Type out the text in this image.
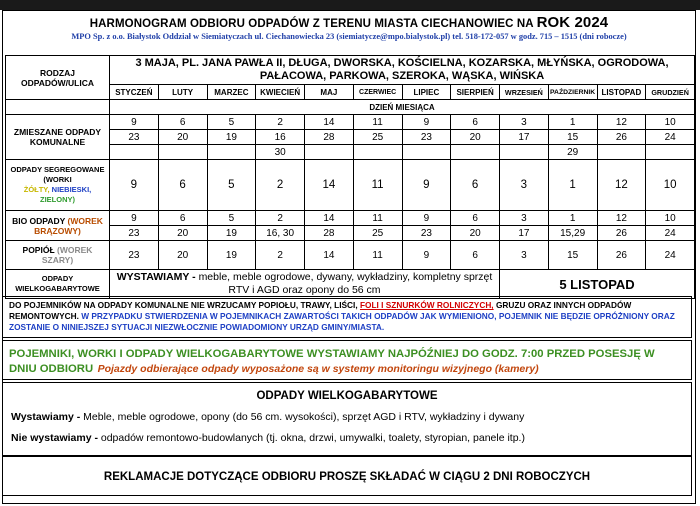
HARMONOGRAM ODBIORU ODPADÓW Z TERENU MIASTA CIECHANOWIEC NA ROK 2024
MPO Sp. z o.o. Białystok Oddział w Siemiatyczach ul. Ciechanowiecka 23 (siemiatycze@mpo.bialystok.pl) tel. 518-172-057 w godz. 715 – 1515 (dni robocze)
RODZAJ ODPADÓW/ULICA	3 MAJA, PL. JANA PAWŁA II, DŁUGA, DWORSKA, KOŚCIELNA, KOZARSKA, MŁYŃSKA, OGRODOWA, PAŁACOWA, PARKOWA, SZEROKA, WĄSKA, WIŃSKA											
	STYCZEŃ	LUTY	MARZEC	KWIECIEŃ	MAJ	CZERWIEC	LIPIEC	SIERPIEŃ	WRZESIEŃ	PAŹDZIERNIK	LISTOPAD	GRUDZIEŃ
	DZIEŃ MIESIĄCA											
ZMIESZANE ODPADY KOMUNALNE	9	6	5	2	14	11	9	6	3	1	12	10
	23	20	19	16	28	25	23	20	17	15	26	24
				30						29		
ODPADY SEGREGOWANE
(WORKI
ŻÓŁTY, NIEBIESKI,
ZIELONY)	9	6	5	2	14	11	9	6	3	1	12	10
BIO ODPADY (WOREK
BRĄZOWY)	9	6	5	2	14	11	9	6	3	1	12	10
	23	20	19	16, 30	28	25	23	20	17	15,29	26	24
POPIÓŁ (WOREK SZARY)	23	20	19	2	14	11	9	6	3	15	26	24
ODPADY WIELKOGABARYTOWE	WYSTAWIAMY - meble, meble ogrodowe, dywany, wykładziny, kompletny sprzęt RTV i AGD oraz opony do 56 cm								5 LISTOPAD			
DO POJEMNIKÓW NA ODPADY KOMUNALNE NIE WRZUCAMY POPIOŁU, TRAWY, LIŚCI, FOLI I SZNURKÓW ROLNICZYCH, GRUZU ORAZ INNYCH ODPADÓW REMONTOWYCH. W PRZYPADKU STWIERDZENIA W POJEMNIKACH ZAWARTOŚCI TAKICH ODPADÓW JAK WYMIENIONO, POJEMNIK NIE BĘDZIE OPRÓŻNIONY ORAZ ZOSTANIE O NINIEJSZEJ SYTUACJI NIEZWŁOCZNIE POWIADOMIONY URZĄD GMINY/MIASTA.
POJEMNIKI, WORKI I ODPADY WIELKOGABARYTOWE WYSTAWIAMY NAJPÓŹNIEJ DO GODZ. 7:00 PRZED POSESJĘ W DNIU ODBIORU Pojazdy odbierające odpady wyposażone są w systemy monitoringu wizyjnego (kamery)
ODPADY WIELKOGABARYTOWE
Wystawiamy - Meble, meble ogrodowe, opony (do 56 cm. wysokości), sprzęt AGD i RTV, wykładziny i dywany
Nie wystawiamy - odpadów remontowo-budowlanych (tj. okna, drzwi, umywalki, toalety, styropian, panele itp.)
REKLAMACJE DOTYCZĄCE ODBIORU PROSZĘ SKŁADAĆ W CIĄGU 2 DNI ROBOCZYCH
